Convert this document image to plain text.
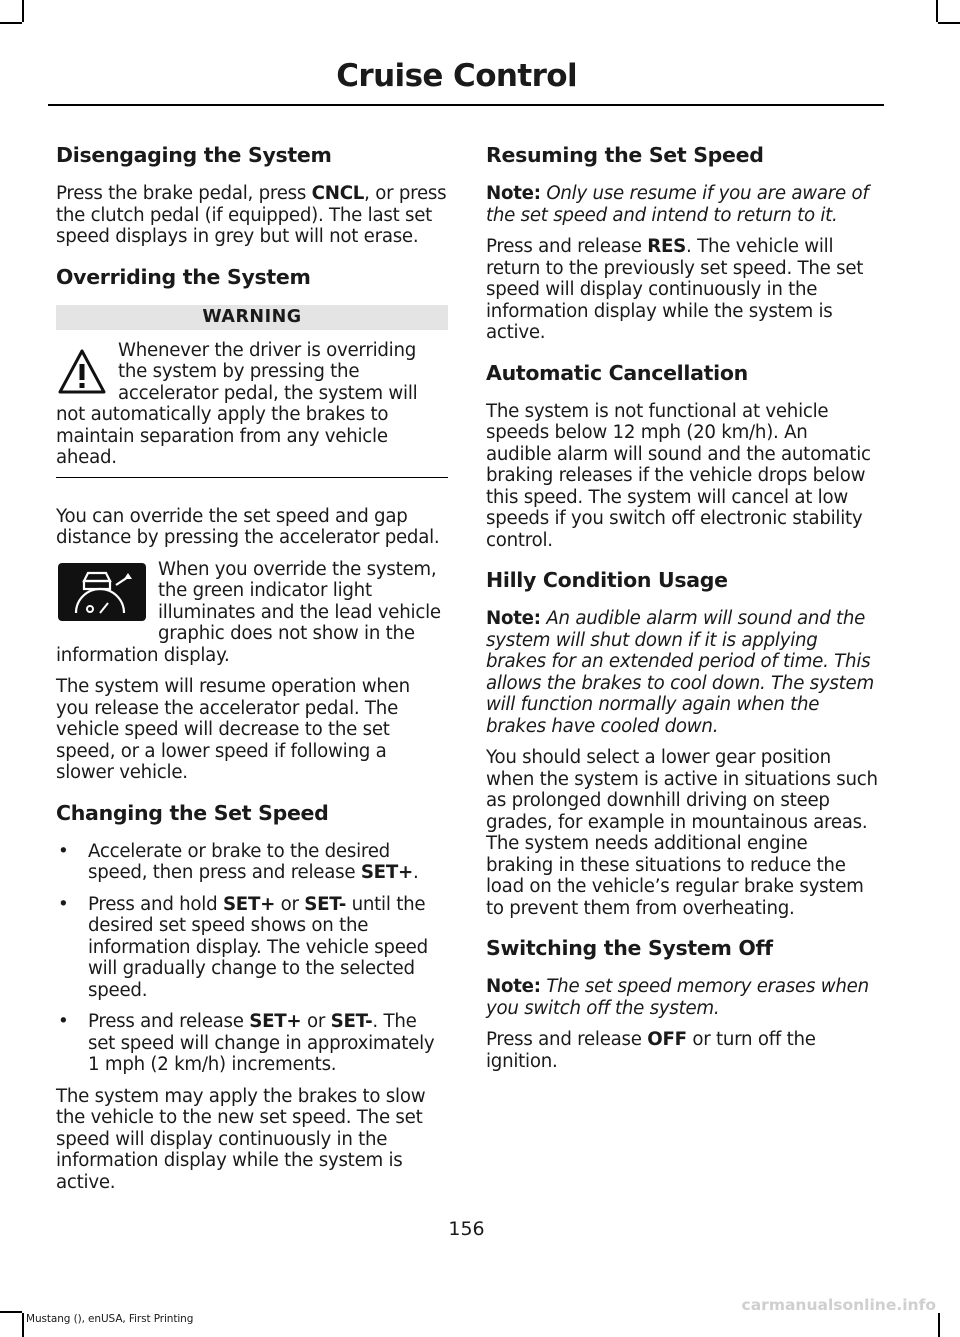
Cruise Control
Disengaging the System

Press the brake pedal, press CNCL, or press the clutch pedal (if equipped). The last set speed displays in grey but will not erase.

Overriding the System
WARNING

Whenever the driver is overriding the system by pressing the accelerator pedal, the system will not automatically apply the brakes to maintain separation from any vehicle ahead.

You can override the set speed and gap distance by pressing the accelerator pedal.

When you override the system, the green indicator light illuminates and the lead vehicle graphic does not show in the information display.

The system will resume operation when you release the accelerator pedal. The vehicle speed will decrease to the set speed, or a lower speed if following a slower vehicle.

Changing the Set Speed
• Accelerate or brake to the desired speed, then press and release SET+.
• Press and hold SET+ or SET- until the desired set speed shows on the information display. The vehicle speed will gradually change to the selected speed.
• Press and release SET+ or SET-. The set speed will change in approximately 1 mph (2 km/h) increments.

The system may apply the brakes to slow the vehicle to the new set speed. The set speed will display continuously in the information display while the system is active.

Resuming the Set Speed

Note: Only use resume if you are aware of the set speed and intend to return to it.

Press and release RES. The vehicle will return to the previously set speed. The set speed will display continuously in the information display while the system is active.

Automatic Cancellation

The system is not functional at vehicle speeds below 12 mph (20 km/h). An audible alarm will sound and the automatic braking releases if the vehicle drops below this speed. The system will cancel at low speeds if you switch off electronic stability control.

Hilly Condition Usage

Note: An audible alarm will sound and the system will shut down if it is applying brakes for an extended period of time. This allows the brakes to cool down. The system will function normally again when the brakes have cooled down.

You should select a lower gear position when the system is active in situations such as prolonged downhill driving on steep grades, for example in mountainous areas. The system needs additional engine braking in these situations to reduce the load on the vehicle’s regular brake system to prevent them from overheating.

Switching the System Off

Note: The set speed memory erases when you switch off the system.

Press and release OFF or turn off the ignition.

156
Mustang (), enUSA, First Printing
carmanualsonline.info
